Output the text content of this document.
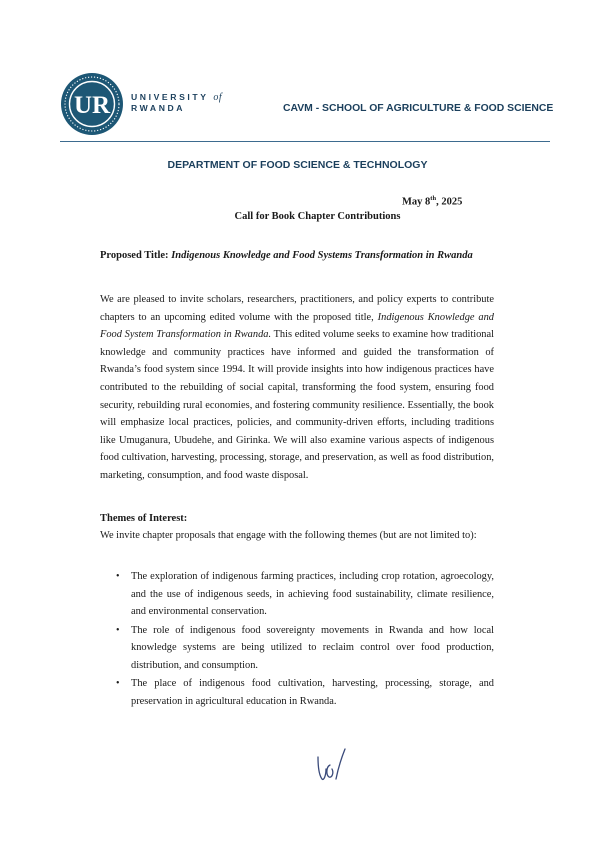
UR UNIVERSITY of
RWANDA	CAVM - SCHOOL OF AGRICULTURE & FOOD SCIENCE
DEPARTMENT OF FOOD SCIENCE & TECHNOLOGY
May 8th, 2025
Call for Book Chapter Contributions
Proposed Title: Indigenous Knowledge and Food Systems Transformation in Rwanda
We are pleased to invite scholars, researchers, practitioners, and policy experts to contribute chapters to an upcoming edited volume with the proposed title, Indigenous Knowledge and Food System Transformation in Rwanda. This edited volume seeks to examine how traditional knowledge and community practices have informed and guided the transformation of Rwanda’s food system since 1994. It will provide insights into how indigenous practices have contributed to the rebuilding of social capital, transforming the food system, ensuring food security, rebuilding rural economies, and fostering community resilience. Essentially, the book will emphasize local practices, policies, and community-driven efforts, including traditions like Umuganura, Ubudehe, and Girinka. We will also examine various aspects of indigenous food cultivation, harvesting, processing, storage, and preservation, as well as food distribution, marketing, consumption, and food waste disposal.
Themes of Interest:
We invite chapter proposals that engage with the following themes (but are not limited to):
• The exploration of indigenous farming practices, including crop rotation, agroecology, and the use of indigenous seeds, in achieving food sustainability, climate resilience, and environmental conservation.
• The role of indigenous food sovereignty movements in Rwanda and how local knowledge systems are being utilized to reclaim control over food production, distribution, and consumption.
• The place of indigenous food cultivation, harvesting, processing, storage, and preservation in agricultural education in Rwanda.
